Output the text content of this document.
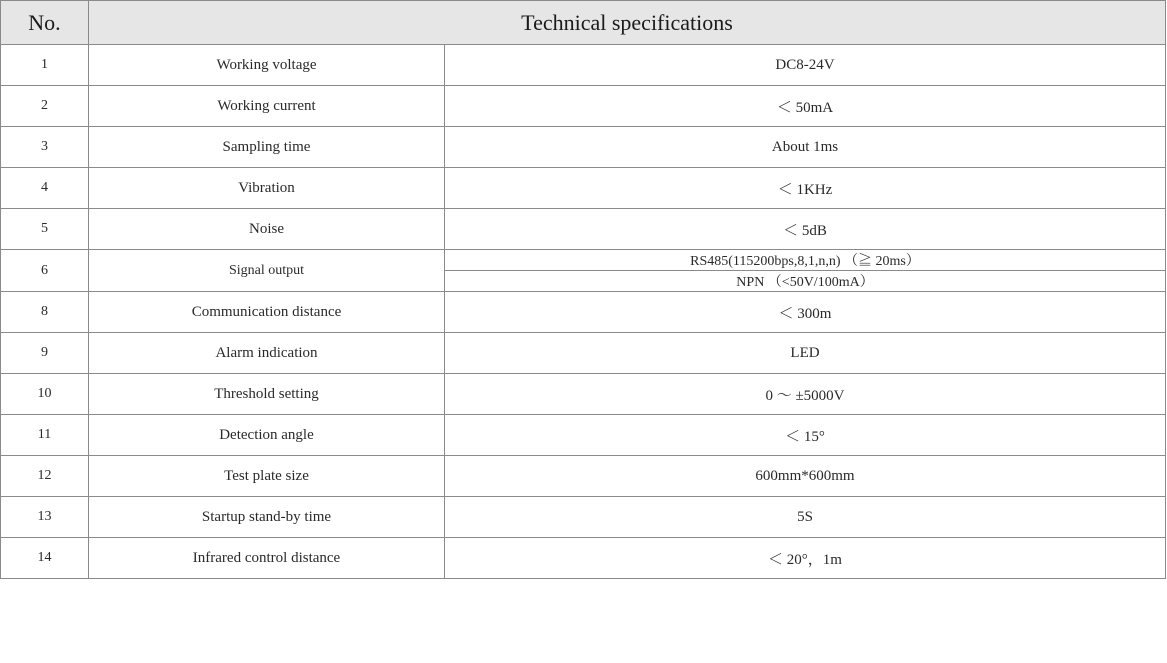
No.	Technical specifications	
1	Working voltage	DC8-24V
2	Working current	＜ 50mA
3	Sampling time	About 1ms
4	Vibration	＜ 1KHz
5	Noise	＜ 5dB
6	Signal output	RS485(115200bps,8,1,n,n) （≧ 20ms）
		NPN （<50V/100mA）
8	Communication distance	＜ 300m
9	Alarm indication	LED
10	Threshold setting	0 ～ ±5000V
11	Detection angle	＜ 15°
12	Test plate size	600mm*600mm
13	Startup stand-by time	5S
14	Infrared control distance	＜ 20°，1m
